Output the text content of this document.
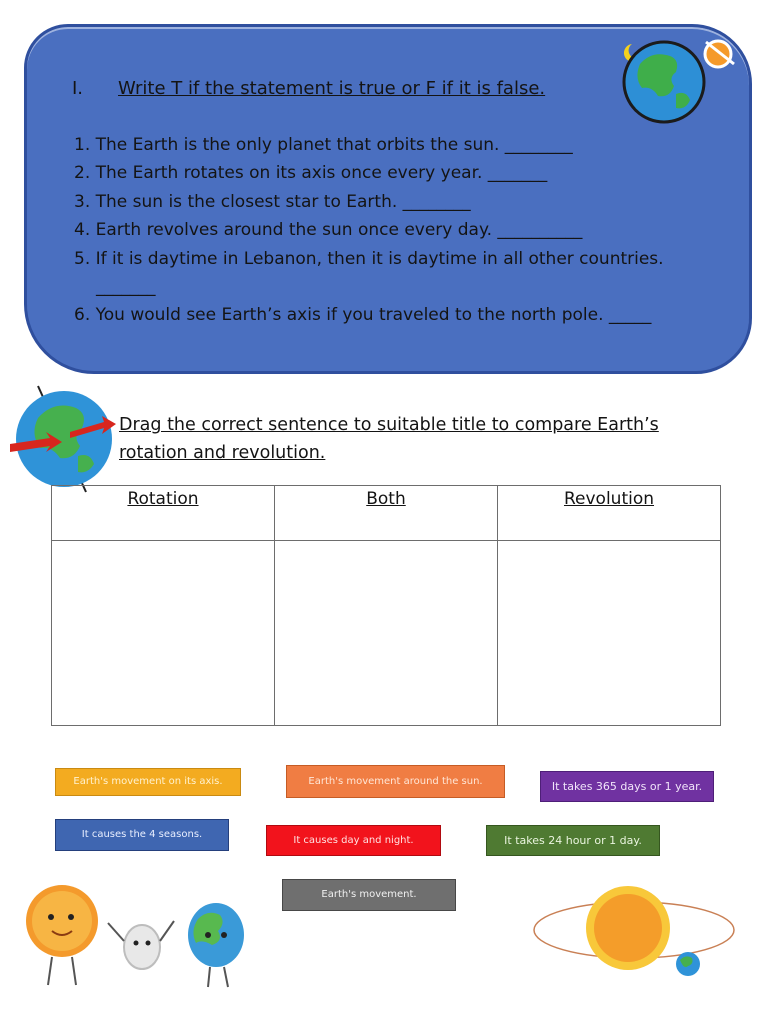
I. Write T if the statement is true or F if it is false.
1. The Earth is the only planet that orbits the sun. ________
2. The Earth rotates on its axis once every year. _______
3. The sun is the closest star to Earth. ________
4. Earth revolves around the sun once every day. __________
5. If it is daytime in Lebanon, then it is daytime in all other countries.
_______
6. You would see Earth’s axis if you traveled to the north pole. _____
Drag the correct sentence to suitable title to compare Earth’s rotation and revolution.
Rotation	Both	Revolution

Earth's movement on its axis.	Earth's movement around the sun.	It takes 365 days or 1 year.
It causes the 4 seasons.	It causes day and night.	It takes 24 hour or 1 day.
Earth's movement.
